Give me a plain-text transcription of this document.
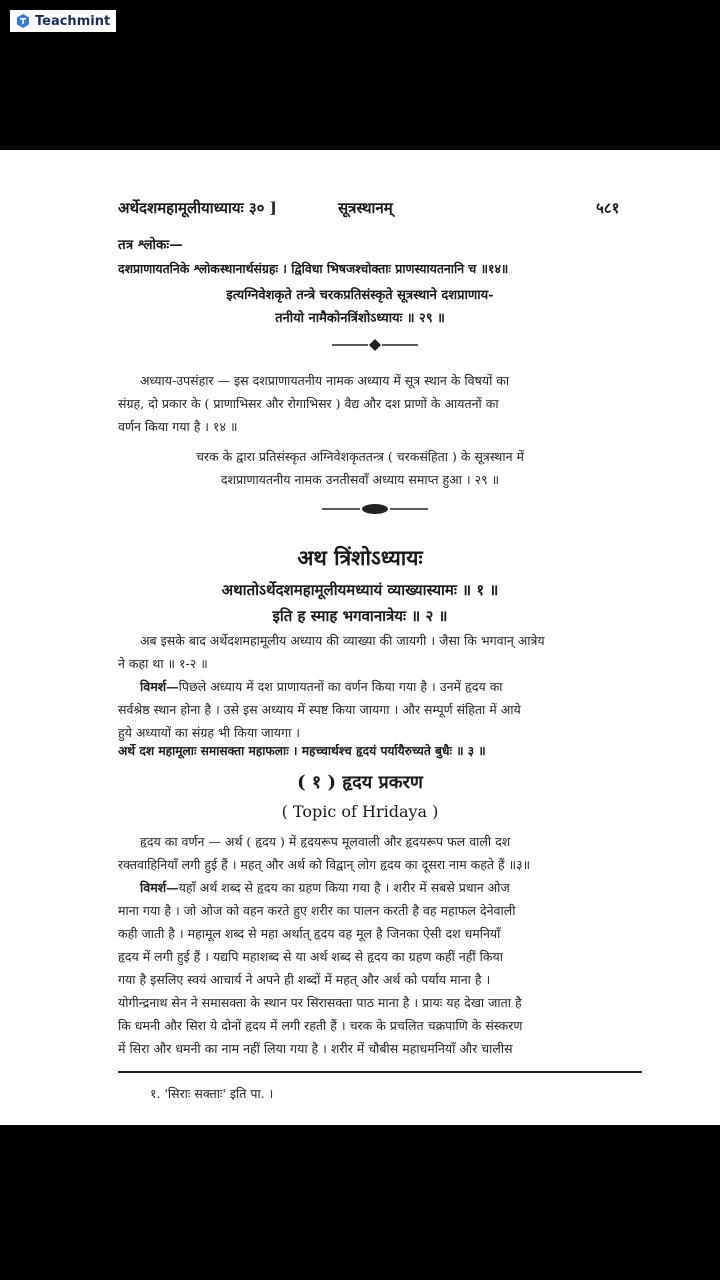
Teachmint
अर्थेदशमहामूलीयाध्यायः ३० ]	सूत्रस्थानम्	५८१
तत्र श्लोकः—
दशप्राणायतनिके श्लोकस्थानार्थसंग्रहः । द्विविधा भिषजश्चोक्ताः प्राणस्यायतनानि च ॥१४॥
इत्यग्निवेशकृते तन्त्रे चरकप्रतिसंस्कृते सूत्रस्थाने दशप्राणाय-
तनीयो नामैकोनत्रिंशोऽध्यायः ॥ २९ ॥
अध्याय-उपसंहार — इस दशप्राणायतनीय नामक अध्याय में सूत्र स्थान के विषयों का
संग्रह, दो प्रकार के ( प्राणाभिसर और रोगाभिसर ) वैद्य और दश प्राणों के आयतनों का
वर्णन किया गया है । १४ ॥
चरक के द्वारा प्रतिसंस्कृत अग्निवेशकृततन्त्र ( चरकसंहिता ) के सूत्रस्थान में
दशप्राणायतनीय नामक उनतीसवाँ अध्याय समाप्त हुआ । २९ ॥
अथ त्रिंशोऽध्यायः
अथातोऽर्थेदशमहामूलीयमध्यायं व्याख्यास्यामः ॥ १ ॥
इति ह स्माह भगवानात्रेयः ॥ २ ॥
अब इसके बाद अर्थेदशमहामूलीय अध्याय की व्याख्या की जायगी । जैसा कि भगवान् आत्रेय
ने कहा था ॥ १-२ ॥
विमर्श—पिछले अध्याय में दश प्राणायतनों का वर्णन किया गया है । उनमें हृदय का
सर्वश्रेष्ठ स्थान होना है । उसे इस अध्याय में स्पष्ट किया जायगा । और सम्पूर्ण संहिता में आये
हुये अध्यायों का संग्रह भी किया जायगा ।
अर्थे दश महामूलाः समासक्ता महाफलाः । महच्चार्थश्च हृदयं पर्यायैरुच्यते बुधैः ॥ ३ ॥
( १ ) हृदय प्रकरण
( Topic of Hridaya )
हृदय का वर्णन — अर्थ ( हृदय ) में हृदयरूप मूलवाली और हृदयरूप फल वाली दश
रक्तवाहिनियाँ लगी हुई हैं । महत् और अर्थ को विद्वान् लोग हृदय का दूसरा नाम कहते हैं ॥३॥
विमर्श—यहाँ अर्थ शब्द से हृदय का ग्रहण किया गया है । शरीर में सबसे प्रधान ओज
माना गया है । जो ओज को वहन करते हुए शरीर का पालन करती है वह महाफल देनेवाली
कही जाती है । महामूल शब्द से महा अर्थात् हृदय वह मूल है जिनका ऐसी दश धमनियाँ
हृदय में लगी हुई हैं । यद्यपि महाशब्द से या अर्थ शब्द से हृदय का ग्रहण कहीं नहीं किया
गया है इसलिए स्वयं आचार्य ने अपने ही शब्दों में महत् और अर्थ को पर्याय माना है ।
योगीन्द्रनाथ सेन ने समासक्ता के स्थान पर सिरासक्ता पाठ माना है । प्रायः यह देखा जाता है
कि धमनी और सिरा ये दोनों हृदय में लगी रहती हैं । चरक के प्रचलित चक्रपाणि के संस्करण
में सिरा और धमनी का नाम नहीं लिया गया है । शरीर में चौबीस महाधमनियाँ और चालीस
१. 'सिराः सक्ताः' इति पा. ।
